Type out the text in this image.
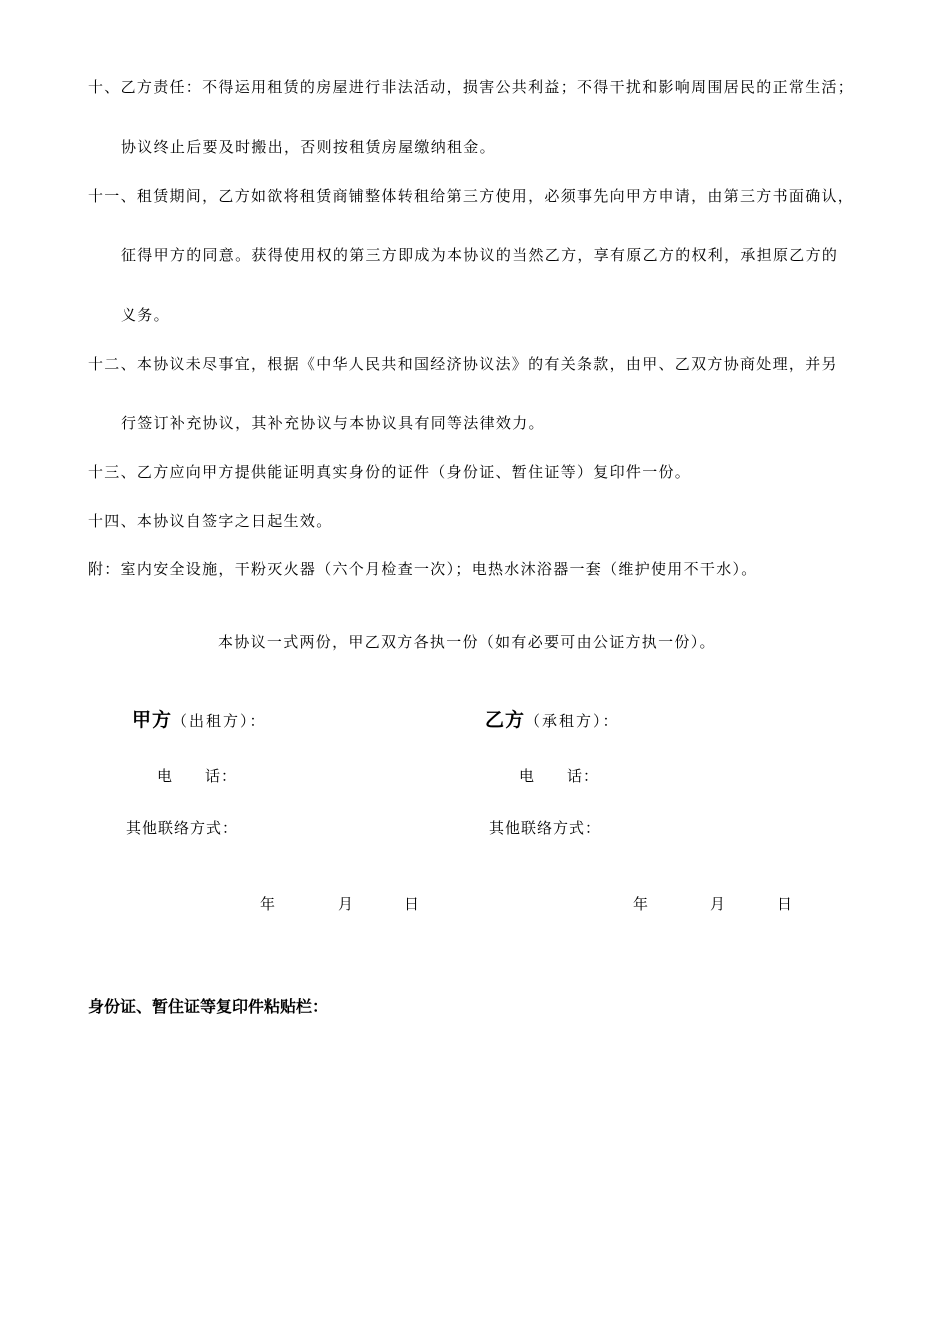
十、乙方责任：不得运用租赁的房屋进行非法活动，损害公共利益；不得干扰和影响周围居民的正常生活；
协议终止后要及时搬出，否则按租赁房屋缴纳租金。
十一、租赁期间，乙方如欲将租赁商铺整体转租给第三方使用，必须事先向甲方申请，由第三方书面确认，
征得甲方的同意。获得使用权的第三方即成为本协议的当然乙方，享有原乙方的权利，承担原乙方的
义务。
十二、本协议未尽事宜，根据《中华人民共和国经济协议法》的有关条款，由甲、乙双方协商处理，并另
行签订补充协议，其补充协议与本协议具有同等法律效力。
十三、乙方应向甲方提供能证明真实身份的证件（身份证、暂住证等）复印件一份。
十四、本协议自签字之日起生效。
附：室内安全设施，干粉灭火器（六个月检查一次）；电热水沐浴器一套（维护使用不干水）。
本协议一式两份，甲乙双方各执一份（如有必要可由公证方执一份）。
甲方（出租方）：
电　　话：
其他联络方式：
年	月	日
乙方（承租方）：
电　　话：
其他联络方式：
年	月	日
身份证、暂住证等复印件粘贴栏：
